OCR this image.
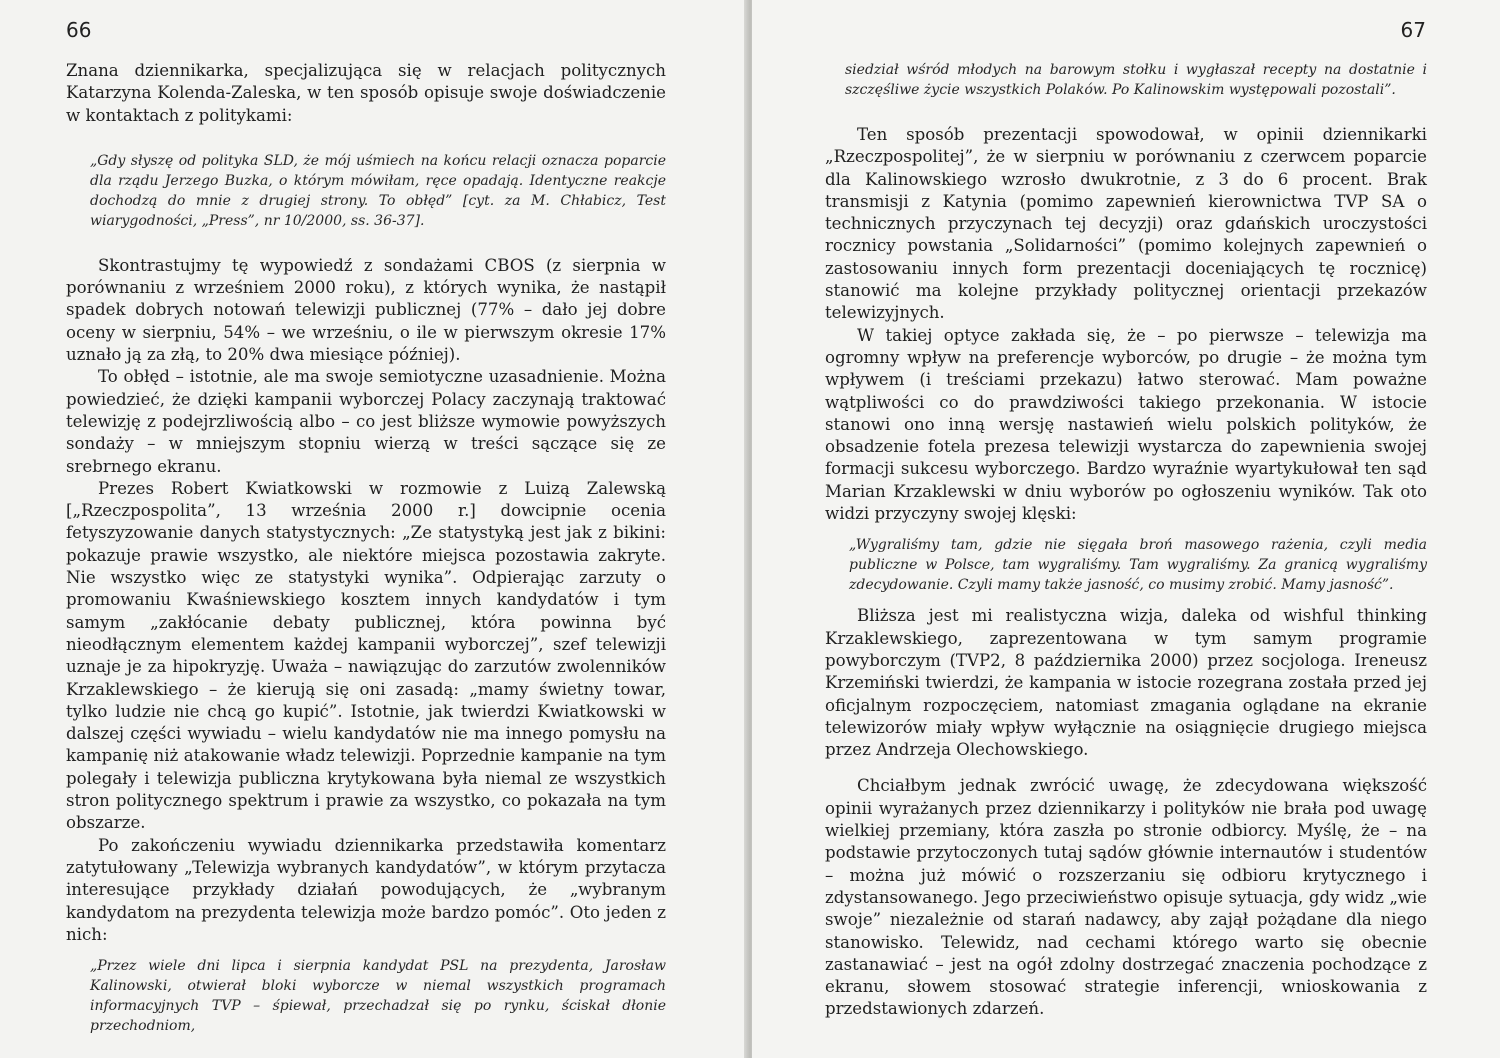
66

Znana dziennikarka, specjalizująca się w relacjach politycznych Katarzyna Kolenda-Zaleska, w ten sposób opisuje swoje doświadczenie w kontaktach z politykami:

„Gdy słyszę od polityka SLD, że mój uśmiech na końcu relacji oznacza poparcie dla rządu Jerzego Buzka, o którym mówiłam, ręce opadają. Identyczne reakcje dochodzą do mnie z drugiej strony. To obłęd” [cyt. za M. Chłabicz, Test wiarygodności, „Press”, nr 10/2000, ss. 36-37].

Skontrastujmy tę wypowiedź z sondażami CBOS (z sierpnia w porównaniu z wrześniem 2000 roku), z których wynika, że nastąpił spadek dobrych notowań telewizji publicznej (77% – dało jej dobre oceny w sierpniu, 54% – we wrześniu, o ile w pierwszym okresie 17% uznało ją za złą, to 20% dwa miesiące później).

To obłęd – istotnie, ale ma swoje semiotyczne uzasadnienie. Można powiedzieć, że dzięki kampanii wyborczej Polacy zaczynają traktować telewizję z podejrzliwością albo – co jest bliższe wymowie powyższych sondaży – w mniejszym stopniu wierzą w treści sączące się ze srebrnego ekranu.

Prezes Robert Kwiatkowski w rozmowie z Luizą Zalewską [„Rzeczpospolita”, 13 września 2000 r.] dowcipnie ocenia fetyszyzowanie danych statystycznych: „Ze statystyką jest jak z bikini: pokazuje prawie wszystko, ale niektóre miejsca pozostawia zakryte. Nie wszystko więc ze statystyki wynika”. Odpierając zarzuty o promowaniu Kwaśniewskiego kosztem innych kandydatów i tym samym „zakłócanie debaty publicznej, która powinna być nieodłącznym elementem każdej kampanii wyborczej”, szef telewizji uznaje je za hipokryzję. Uważa – nawiązując do zarzutów zwolenników Krzaklewskiego – że kierują się oni zasadą: „mamy świetny towar, tylko ludzie nie chcą go kupić”. Istotnie, jak twierdzi Kwiatkowski w dalszej części wywiadu – wielu kandydatów nie ma innego pomysłu na kampanię niż atakowanie władz telewizji. Poprzednie kampanie na tym polegały i telewizja publiczna krytykowana była niemal ze wszystkich stron politycznego spektrum i prawie za wszystko, co pokazała na tym obszarze.

Po zakończeniu wywiadu dziennikarka przedstawiła komentarz zatytułowany „Telewizja wybranych kandydatów”, w którym przytacza interesujące przykłady działań powodujących, że „wybranym kandydatom na prezydenta telewizja może bardzo pomóc”. Oto jeden z nich:

„Przez wiele dni lipca i sierpnia kandydat PSL na prezydenta, Jarosław Kalinowski, otwierał bloki wyborcze w niemal wszystkich programach informacyjnych TVP – śpiewał, przechadzał się po rynku, ściskał dłonie przechodniom,

67

siedział wśród młodych na barowym stołku i wygłaszał recepty na dostatnie i szczęśliwe życie wszystkich Polaków. Po Kalinowskim występowali pozostali”.

Ten sposób prezentacji spowodował, w opinii dziennikarki „Rzeczpospolitej”, że w sierpniu w porównaniu z czerwcem poparcie dla Kalinowskiego wzrosło dwukrotnie, z 3 do 6 procent. Brak transmisji z Katynia (pomimo zapewnień kierownictwa TVP SA o technicznych przyczynach tej decyzji) oraz gdańskich uroczystości rocznicy powstania „Solidarności” (pomimo kolejnych zapewnień o zastosowaniu innych form prezentacji doceniających tę rocznicę) stanowić ma kolejne przykłady politycznej orientacji przekazów telewizyjnych.

W takiej optyce zakłada się, że – po pierwsze – telewizja ma ogromny wpływ na preferencje wyborców, po drugie – że można tym wpływem (i treściami przekazu) łatwo sterować. Mam poważne wątpliwości co do prawdziwości takiego przekonania. W istocie stanowi ono inną wersję nastawień wielu polskich polityków, że obsadzenie fotela prezesa telewizji wystarcza do zapewnienia swojej formacji sukcesu wyborczego. Bardzo wyraźnie wyartykułował ten sąd Marian Krzaklewski w dniu wyborów po ogłoszeniu wyników. Tak oto widzi przyczyny swojej klęski:

„Wygraliśmy tam, gdzie nie sięgała broń masowego rażenia, czyli media publiczne w Polsce, tam wygraliśmy. Tam wygraliśmy. Za granicą wygraliśmy zdecydowanie. Czyli mamy także jasność, co musimy zrobić. Mamy jasność”.

Bliższa jest mi realistyczna wizja, daleka od wishful thinking Krzaklewskiego, zaprezentowana w tym samym programie powyborczym (TVP2, 8 października 2000) przez socjologa. Ireneusz Krzemiński twierdzi, że kampania w istocie rozegrana została przed jej oficjalnym rozpoczęciem, natomiast zmagania oglądane na ekranie telewizorów miały wpływ wyłącznie na osiągnięcie drugiego miejsca przez Andrzeja Olechowskiego.

Chciałbym jednak zwrócić uwagę, że zdecydowana większość opinii wyrażanych przez dziennikarzy i polityków nie brała pod uwagę wielkiej przemiany, która zaszła po stronie odbiorcy. Myślę, że – na podstawie przytoczonych tutaj sądów głównie internautów i studentów – można już mówić o rozszerzaniu się odbioru krytycznego i zdystansowanego. Jego przeciwieństwo opisuje sytuacja, gdy widz „wie swoje” niezależnie od starań nadawcy, aby zajął pożądane dla niego stanowisko. Telewidz, nad cechami którego warto się obecnie zastanawiać – jest na ogół zdolny dostrzegać znaczenia pochodzące z ekranu, słowem stosować strategie inferencji, wnioskowania z przedstawionych zdarzeń.
